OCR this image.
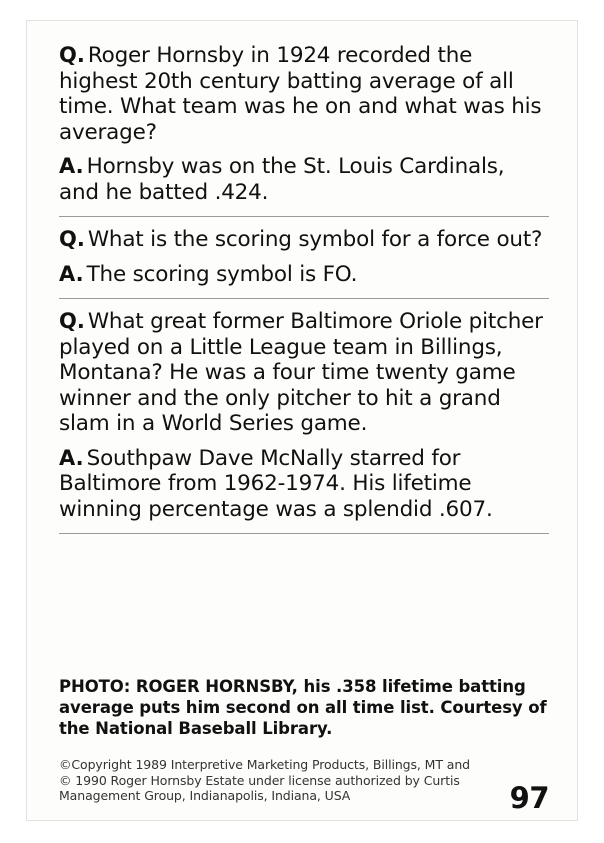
Q. Roger Hornsby in 1924 recorded the highest 20th century batting average of all time. What team was he on and what was his average?

A. Hornsby was on the St. Louis Cardinals, and he batted .424.

Q. What is the scoring symbol for a force out?

A. The scoring symbol is FO.

Q. What great former Baltimore Oriole pitcher played on a Little League team in Billings, Montana? He was a four time twenty game winner and the only pitcher to hit a grand slam in a World Series game.

A. Southpaw Dave McNally starred for Baltimore from 1962-1974. His lifetime winning percentage was a splendid .607.

PHOTO: ROGER HORNSBY, his .358 lifetime batting average puts him second on all time list. Courtesy of the National Baseball Library.
©Copyright 1989 Interpretive Marketing Products, Billings, MT and
© 1990 Roger Hornsby Estate under license authorized by Curtis
Management Group, Indianapolis, Indiana, USA	97
